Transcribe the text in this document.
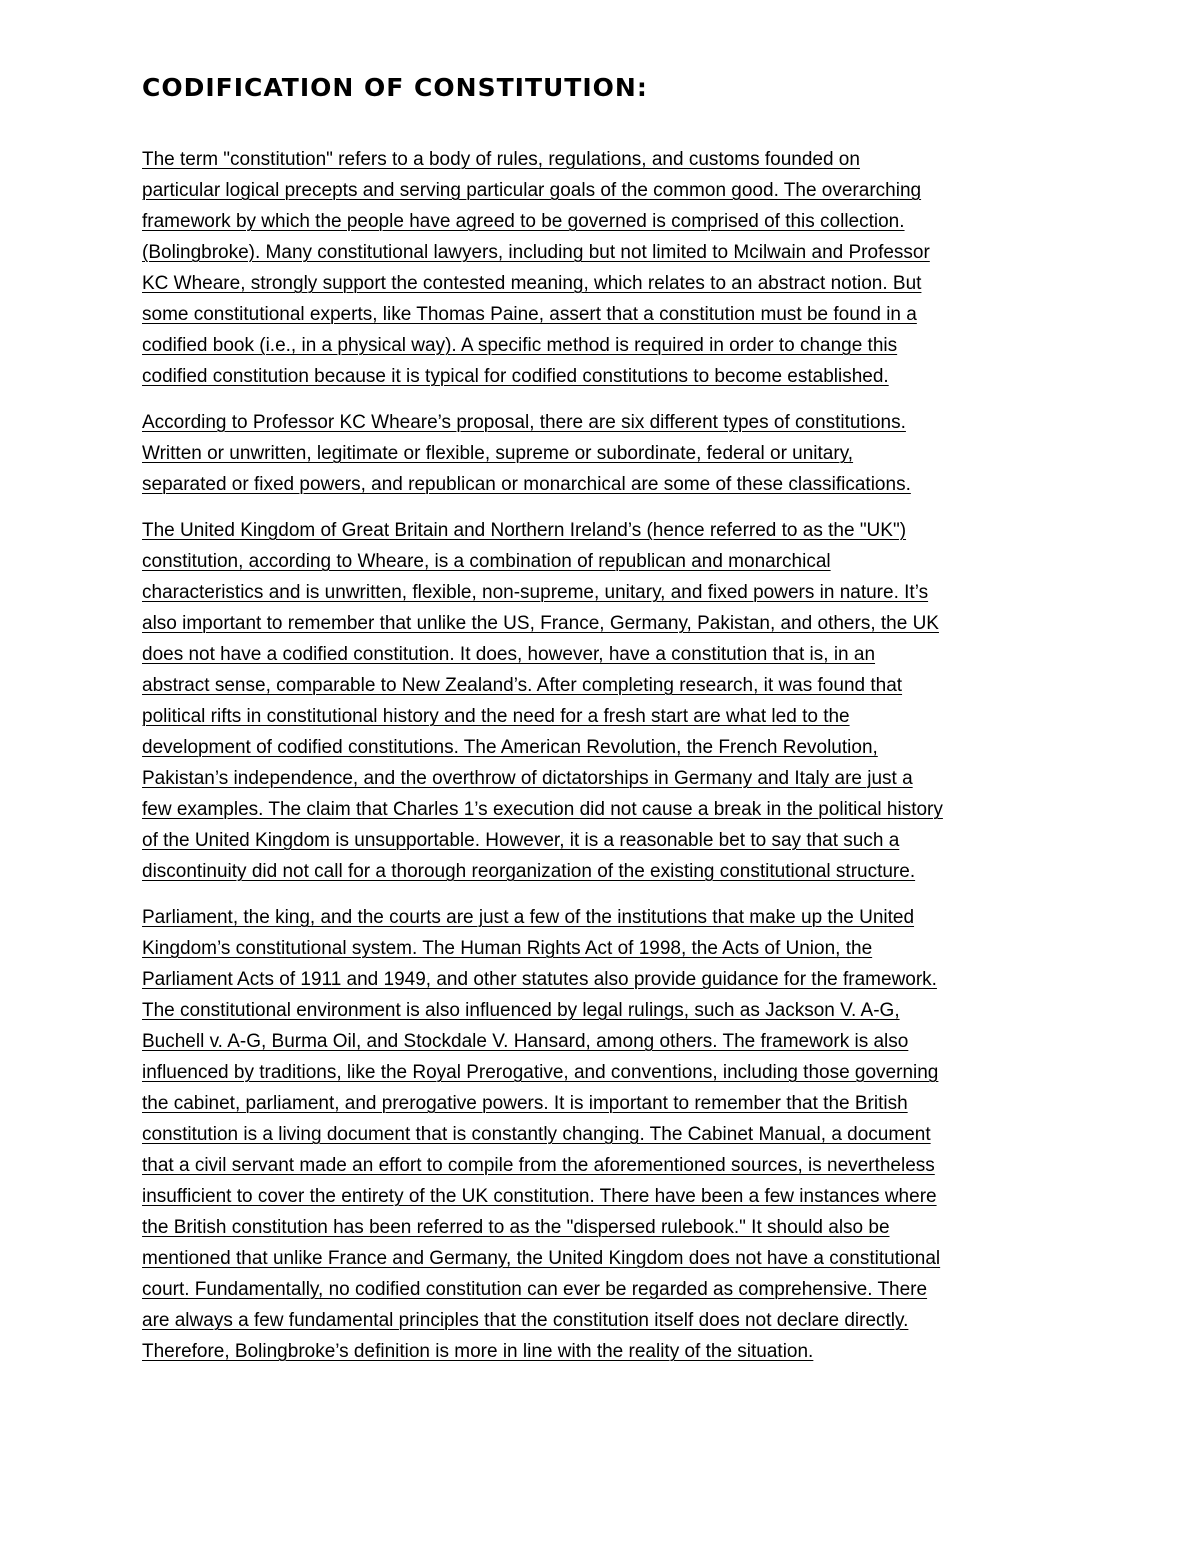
CODIFICATION OF CONSTITUTION:

The term "constitution" refers to a body of rules, regulations, and customs founded on
particular logical precepts and serving particular goals of the common good. The overarching
framework by which the people have agreed to be governed is comprised of this collection.
(Bolingbroke). Many constitutional lawyers, including but not limited to Mcilwain and Professor
KC Wheare, strongly support the contested meaning, which relates to an abstract notion. But
some constitutional experts, like Thomas Paine, assert that a constitution must be found in a
codified book (i.e., in a physical way). A specific method is required in order to change this
codified constitution because it is typical for codified constitutions to become established.

According to Professor KC Wheare’s proposal, there are six different types of constitutions.
Written or unwritten, legitimate or flexible, supreme or subordinate, federal or unitary,
separated or fixed powers, and republican or monarchical are some of these classifications.

The United Kingdom of Great Britain and Northern Ireland’s (hence referred to as the "UK")
constitution, according to Wheare, is a combination of republican and monarchical
characteristics and is unwritten, flexible, non-supreme, unitary, and fixed powers in nature. It’s
also important to remember that unlike the US, France, Germany, Pakistan, and others, the UK
does not have a codified constitution. It does, however, have a constitution that is, in an
abstract sense, comparable to New Zealand’s. After completing research, it was found that
political rifts in constitutional history and the need for a fresh start are what led to the
development of codified constitutions. The American Revolution, the French Revolution,
Pakistan’s independence, and the overthrow of dictatorships in Germany and Italy are just a
few examples. The claim that Charles 1’s execution did not cause a break in the political history
of the United Kingdom is unsupportable. However, it is a reasonable bet to say that such a
discontinuity did not call for a thorough reorganization of the existing constitutional structure.

Parliament, the king, and the courts are just a few of the institutions that make up the United
Kingdom’s constitutional system. The Human Rights Act of 1998, the Acts of Union, the
Parliament Acts of 1911 and 1949, and other statutes also provide guidance for the framework.
The constitutional environment is also influenced by legal rulings, such as Jackson V. A-G,
Buchell v. A-G, Burma Oil, and Stockdale V. Hansard, among others. The framework is also
influenced by traditions, like the Royal Prerogative, and conventions, including those governing
the cabinet, parliament, and prerogative powers. It is important to remember that the British
constitution is a living document that is constantly changing. The Cabinet Manual, a document
that a civil servant made an effort to compile from the aforementioned sources, is nevertheless
insufficient to cover the entirety of the UK constitution. There have been a few instances where
the British constitution has been referred to as the "dispersed rulebook." It should also be
mentioned that unlike France and Germany, the United Kingdom does not have a constitutional
court. Fundamentally, no codified constitution can ever be regarded as comprehensive. There
are always a few fundamental principles that the constitution itself does not declare directly.
Therefore, Bolingbroke’s definition is more in line with the reality of the situation.
